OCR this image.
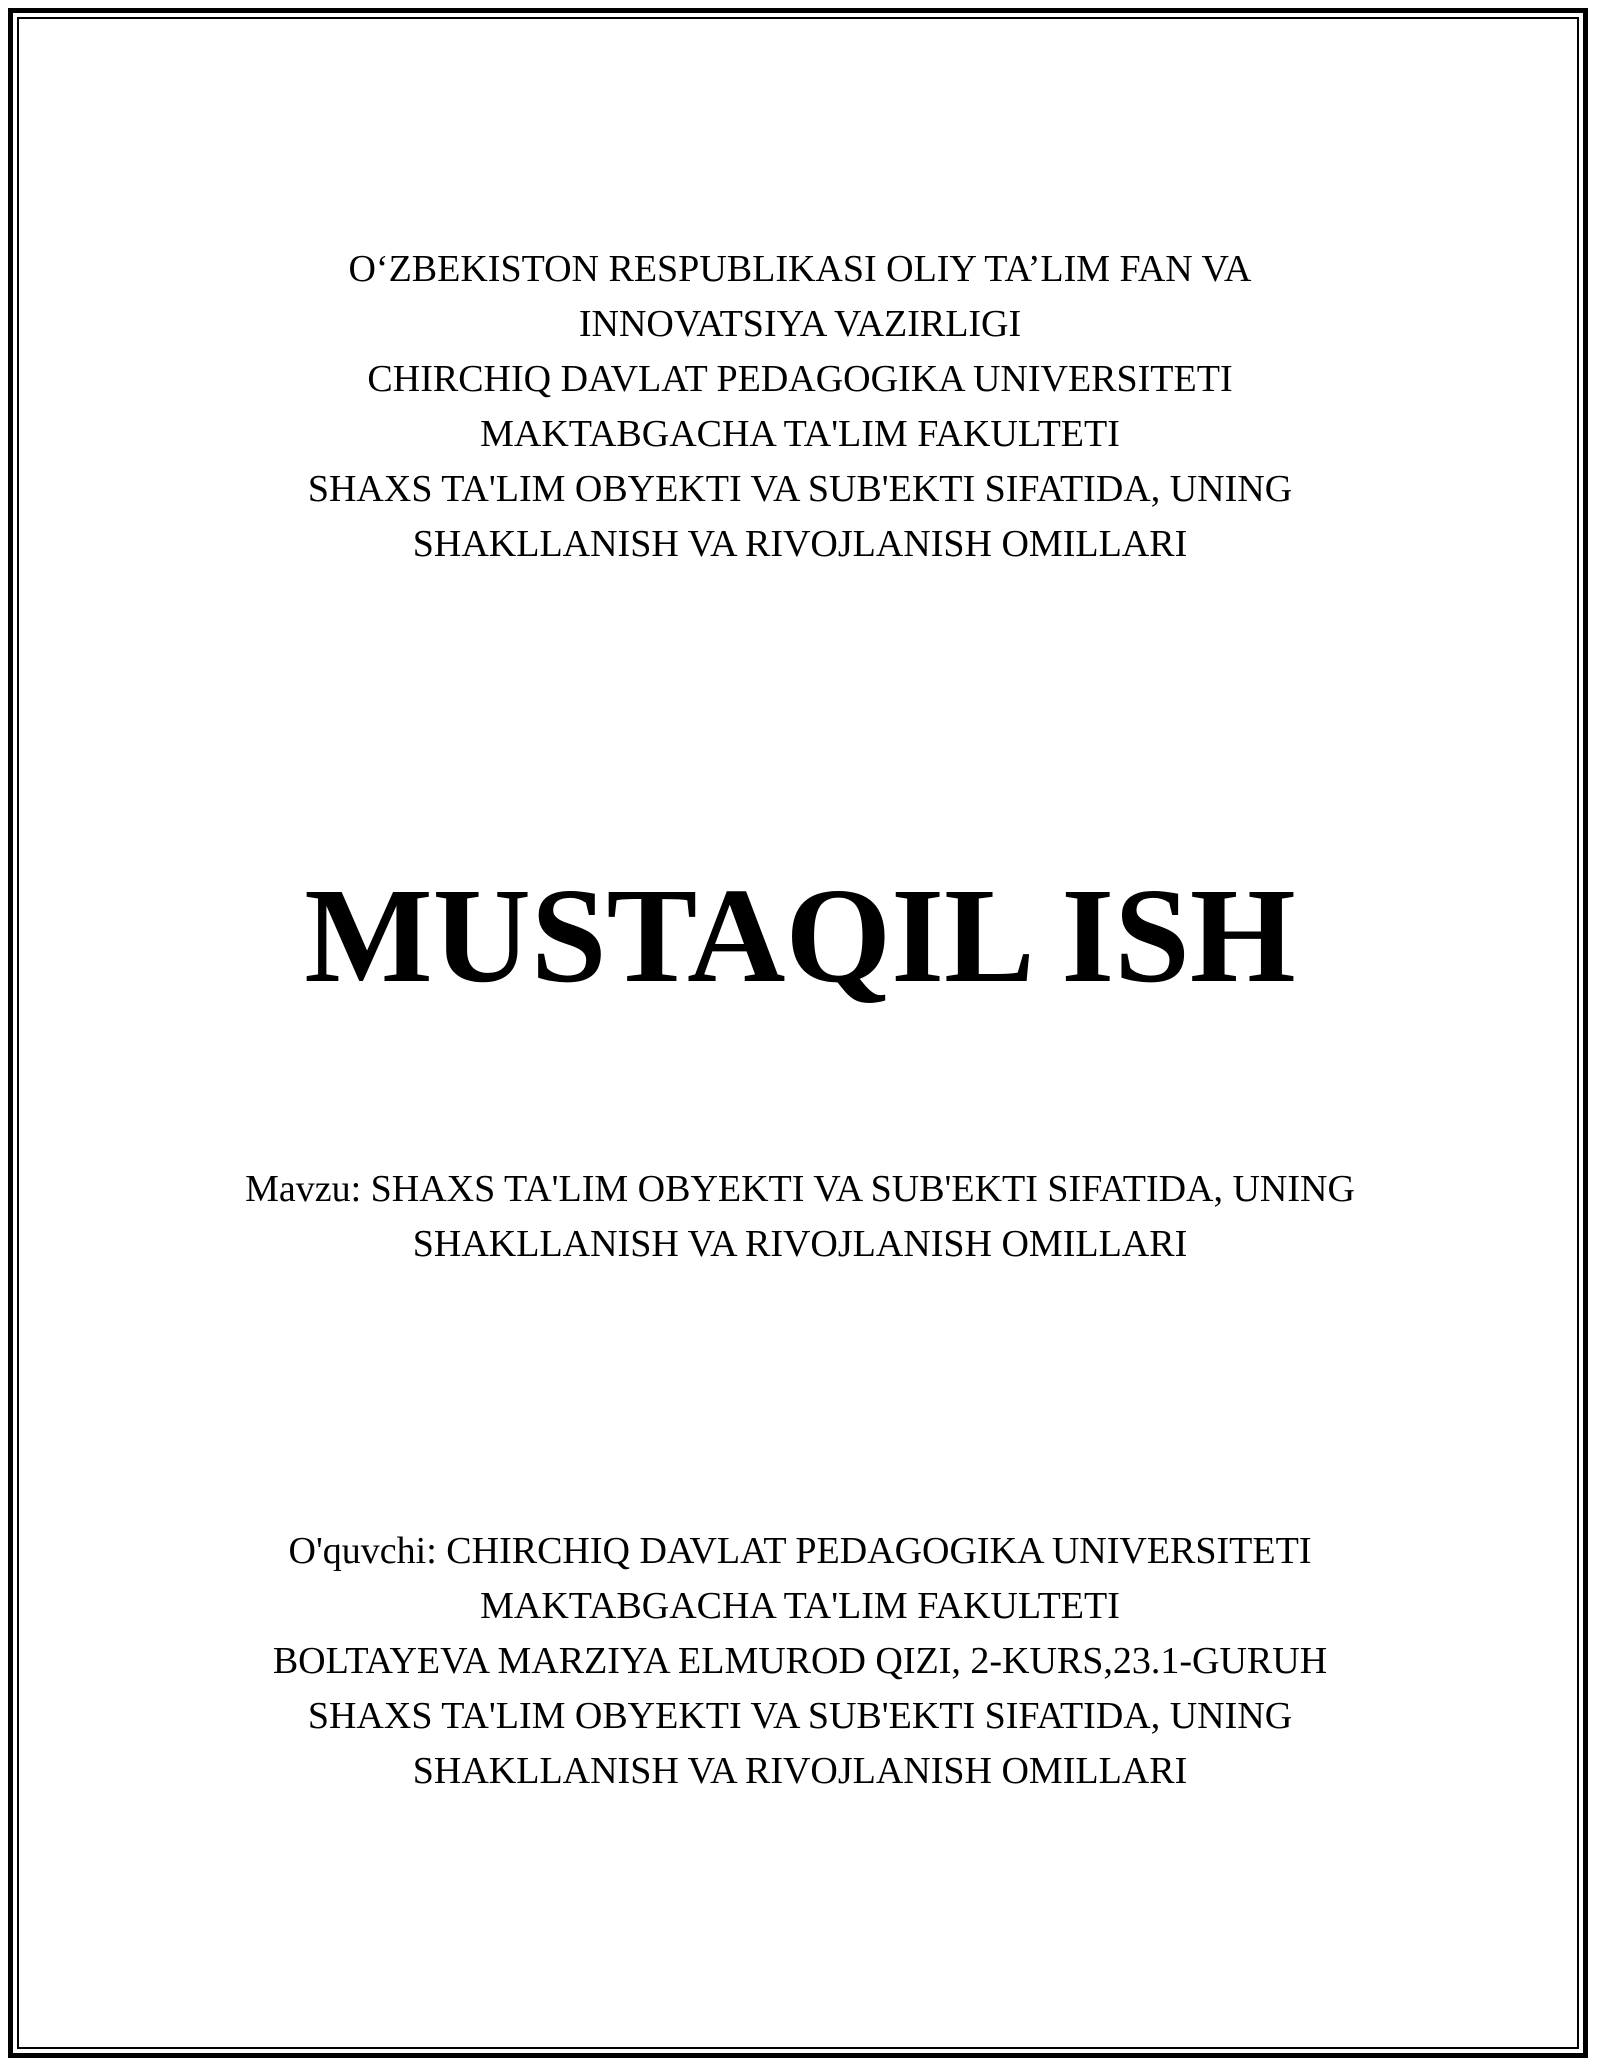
O‘ZBEKISTON RESPUBLIKASI OLIY TA’LIM FAN VA
INNOVATSIYA VAZIRLIGI
CHIRCHIQ DAVLAT PEDAGOGIKA UNIVERSITETI
MAKTABGACHA TA'LIM FAKULTETI
SHAXS TA'LIM OBYEKTI VA SUB'EKTI SIFATIDA, UNING
SHAKLLANISH VA RIVOJLANISH OMILLARI
MUSTAQIL ISH
Mavzu: SHAXS TA'LIM OBYEKTI VA SUB'EKTI SIFATIDA, UNING
SHAKLLANISH VA RIVOJLANISH OMILLARI
O'quvchi: CHIRCHIQ DAVLAT PEDAGOGIKA UNIVERSITETI
MAKTABGACHA TA'LIM FAKULTETI
BOLTAYEVA MARZIYA ELMUROD QIZI, 2-KURS,23.1-GURUH
SHAXS TA'LIM OBYEKTI VA SUB'EKTI SIFATIDA, UNING
SHAKLLANISH VA RIVOJLANISH OMILLARI
